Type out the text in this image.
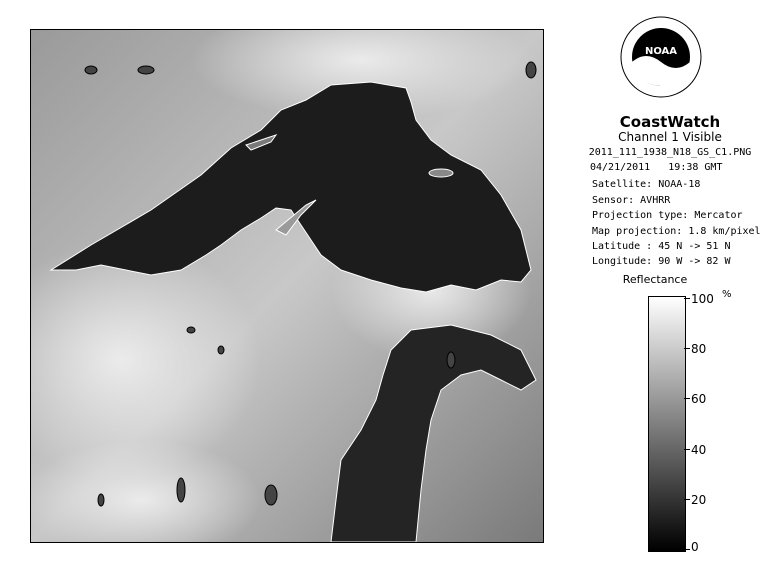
NOAA
CoastWatch
Channel 1 Visible
2011_111_1938_N18_GS_C1.PNG
04/21/2011 19:38 GMT
Satellite: NOAA-18
Sensor: AVHRR
Projection type: Mercator
Map projection: 1.8 km/pixel
Latitude : 45 N -> 51 N
Longitude: 90 W -> 82 W
Reflectance
%
100
80
60
40
20
0
